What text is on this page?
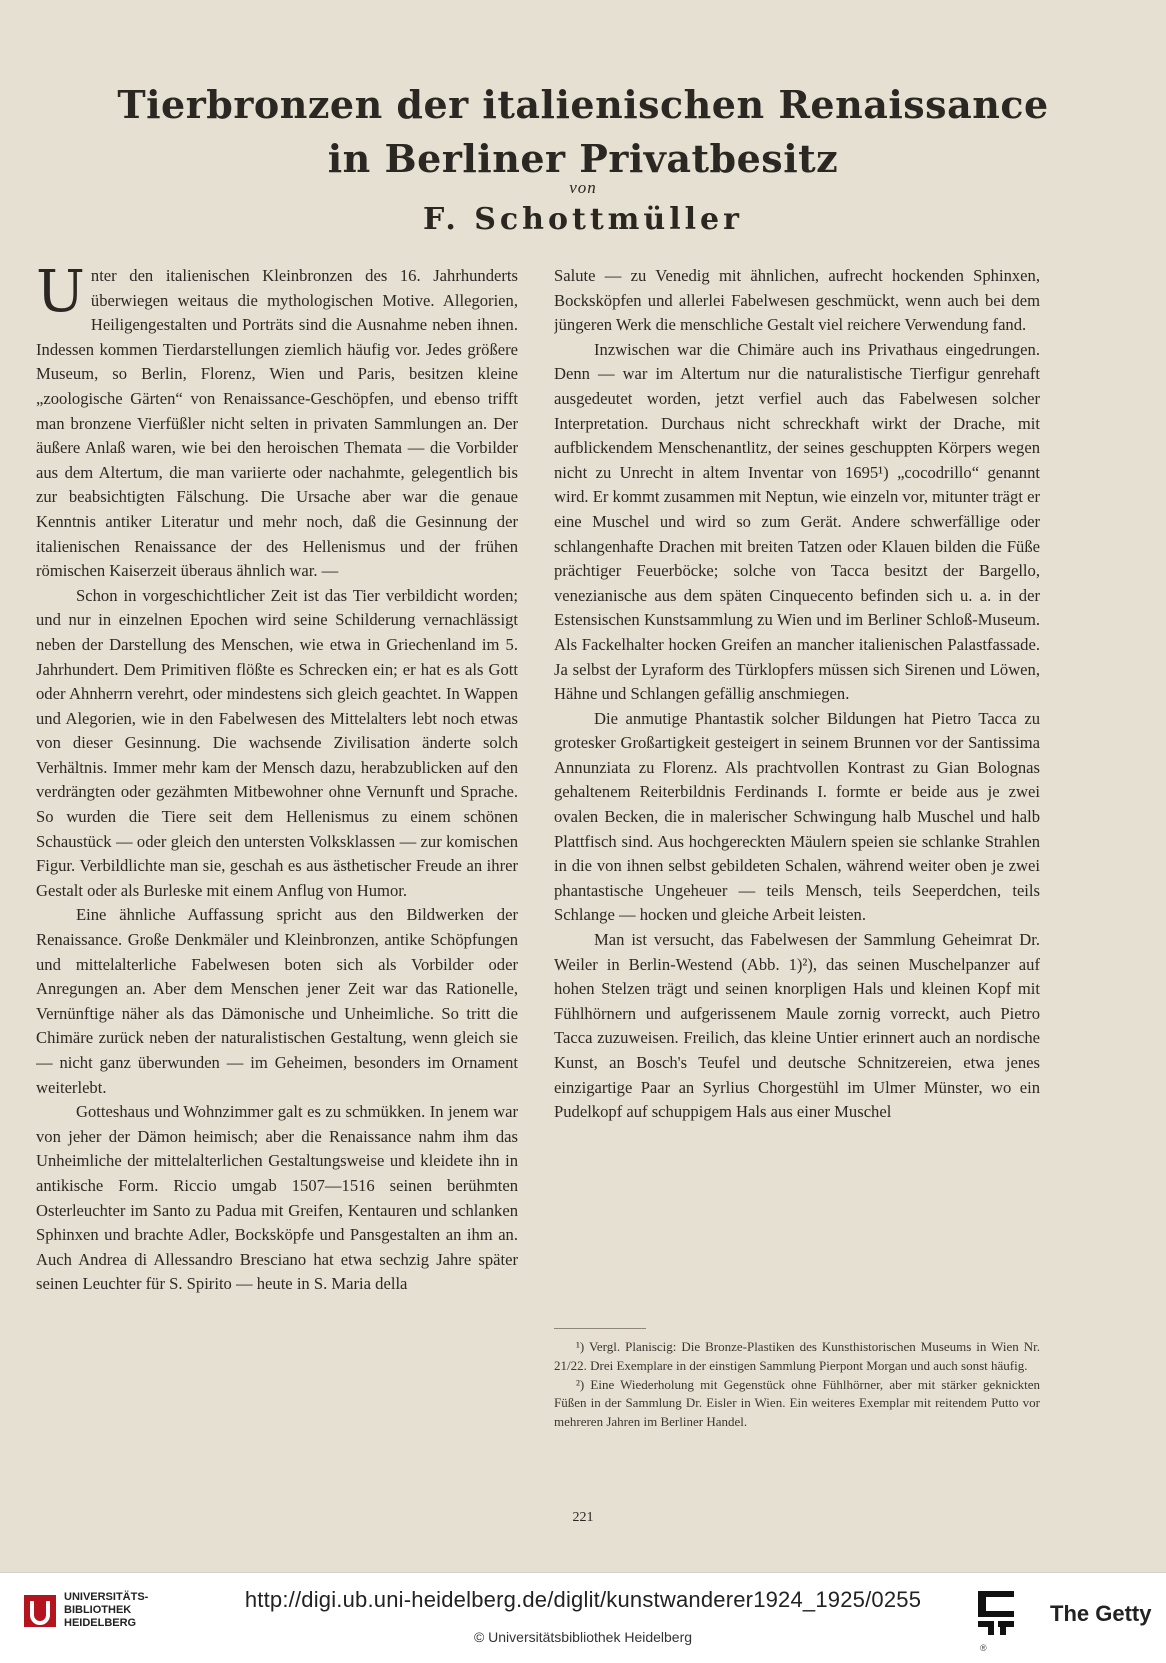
Tierbronzen der italienischen Renaissance
in Berliner Privatbesitz
von
F. Schottmüller

Unter den italienischen Kleinbronzen des 16. Jahrhunderts überwiegen weitaus die mythologischen Motive. Allegorien, Heiligengestalten und Porträts sind die Ausnahme neben ihnen. Indessen kommen Tierdarstellungen ziemlich häufig vor. Jedes größere Museum, so Berlin, Florenz, Wien und Paris, besitzen kleine „zoologische Gärten“ von Renaissance-Geschöpfen, und ebenso trifft man bronzene Vierfüßler nicht selten in privaten Sammlungen an. Der äußere Anlaß waren, wie bei den heroischen Themata — die Vorbilder aus dem Altertum, die man variierte oder nachahmte, gelegentlich bis zur beabsichtigten Fälschung. Die Ursache aber war die genaue Kenntnis antiker Literatur und mehr noch, daß die Gesinnung der italienischen Renaissance der des Hellenismus und der frühen römischen Kaiserzeit überaus ähnlich war. —

Schon in vorgeschichtlicher Zeit ist das Tier verbildicht worden; und nur in einzelnen Epochen wird seine Schilderung vernachlässigt neben der Darstellung des Menschen, wie etwa in Griechenland im 5. Jahrhundert. Dem Primitiven flößte es Schrecken ein; er hat es als Gott oder Ahnherrn verehrt, oder mindestens sich gleich geachtet. In Wappen und Alegorien, wie in den Fabelwesen des Mittelalters lebt noch etwas von dieser Gesinnung. Die wachsende Zivilisation änderte solch Verhältnis. Immer mehr kam der Mensch dazu, herabzublicken auf den verdrängten oder gezähmten Mitbewohner ohne Vernunft und Sprache. So wurden die Tiere seit dem Hellenismus zu einem schönen Schaustück — oder gleich den untersten Volksklassen — zur komischen Figur. Verbildlichte man sie, geschah es aus ästhetischer Freude an ihrer Gestalt oder als Burleske mit einem Anflug von Humor.

Eine ähnliche Auffassung spricht aus den Bildwerken der Renaissance. Große Denkmäler und Kleinbronzen, antike Schöpfungen und mittelalterliche Fabelwesen boten sich als Vorbilder oder Anregungen an. Aber dem Menschen jener Zeit war das Rationelle, Vernünftige näher als das Dämonische und Unheimliche. So tritt die Chimäre zurück neben der naturalistischen Gestaltung, wenn gleich sie — nicht ganz überwunden — im Geheimen, besonders im Ornament weiterlebt.

Gotteshaus und Wohnzimmer galt es zu schmükken. In jenem war von jeher der Dämon heimisch; aber die Renaissance nahm ihm das Unheimliche der mittelalterlichen Gestaltungsweise und kleidete ihn in antikische Form. Riccio umgab 1507—1516 seinen berühmten Osterleuchter im Santo zu Padua mit Greifen, Kentauren und schlanken Sphinxen und brachte Adler, Bocksköpfe und Pansgestalten an ihm an. Auch Andrea di Allessandro Bresciano hat etwa sechzig Jahre später seinen Leuchter für S. Spirito — heute in S. Maria della

Salute — zu Venedig mit ähnlichen, aufrecht hockenden Sphinxen, Bocksköpfen und allerlei Fabelwesen geschmückt, wenn auch bei dem jüngeren Werk die menschliche Gestalt viel reichere Verwendung fand.

Inzwischen war die Chimäre auch ins Privathaus eingedrungen. Denn — war im Altertum nur die naturalistische Tierfigur genrehaft ausgedeutet worden, jetzt verfiel auch das Fabelwesen solcher Interpretation. Durchaus nicht schreckhaft wirkt der Drache, mit aufblickendem Menschenantlitz, der seines geschuppten Körpers wegen nicht zu Unrecht in altem Inventar von 1695¹) „cocodrillo“ genannt wird. Er kommt zusammen mit Neptun, wie einzeln vor, mitunter trägt er eine Muschel und wird so zum Gerät. Andere schwerfällige oder schlangenhafte Drachen mit breiten Tatzen oder Klauen bilden die Füße prächtiger Feuerböcke; solche von Tacca besitzt der Bargello, venezianische aus dem späten Cinquecento befinden sich u. a. in der Estensischen Kunstsammlung zu Wien und im Berliner Schloß-Museum. Als Fackelhalter hocken Greifen an mancher italienischen Palastfassade. Ja selbst der Lyraform des Türklopfers müssen sich Sirenen und Löwen, Hähne und Schlangen gefällig anschmiegen.

Die anmutige Phantastik solcher Bildungen hat Pietro Tacca zu grotesker Großartigkeit gesteigert in seinem Brunnen vor der Santissima Annunziata zu Florenz. Als prachtvollen Kontrast zu Gian Bolognas gehaltenem Reiterbildnis Ferdinands I. formte er beide aus je zwei ovalen Becken, die in malerischer Schwingung halb Muschel und halb Plattfisch sind. Aus hochgereckten Mäulern speien sie schlanke Strahlen in die von ihnen selbst gebildeten Schalen, während weiter oben je zwei phantastische Ungeheuer — teils Mensch, teils Seeperdchen, teils Schlange — hocken und gleiche Arbeit leisten.

Man ist versucht, das Fabelwesen der Sammlung Geheimrat Dr. Weiler in Berlin-Westend (Abb. 1)²), das seinen Muschelpanzer auf hohen Stelzen trägt und seinen knorpligen Hals und kleinen Kopf mit Fühlhörnern und aufgerissenem Maule zornig vorreckt, auch Pietro Tacca zuzuweisen. Freilich, das kleine Untier erinnert auch an nordische Kunst, an Bosch's Teufel und deutsche Schnitzereien, etwa jenes einzigartige Paar an Syrlius Chorgestühl im Ulmer Münster, wo ein Pudelkopf auf schuppigem Hals aus einer Muschel

¹) Vergl. Planiscig: Die Bronze-Plastiken des Kunsthistorischen Museums in Wien Nr. 21/22. Drei Exemplare in der einstigen Sammlung Pierpont Morgan und auch sonst häufig.

²) Eine Wiederholung mit Gegenstück ohne Fühlhörner, aber mit stärker geknickten Füßen in der Sammlung Dr. Eisler in Wien. Ein weiteres Exemplar mit reitendem Putto vor mehreren Jahren im Berliner Handel.

221
UNIVERSITÄTS-
BIBLIOTHEK
HEIDELBERG
http://digi.ub.uni-heidelberg.de/diglit/kunstwanderer1924_1925/0255
© Universitätsbibliothek Heidelberg
The Getty
®
